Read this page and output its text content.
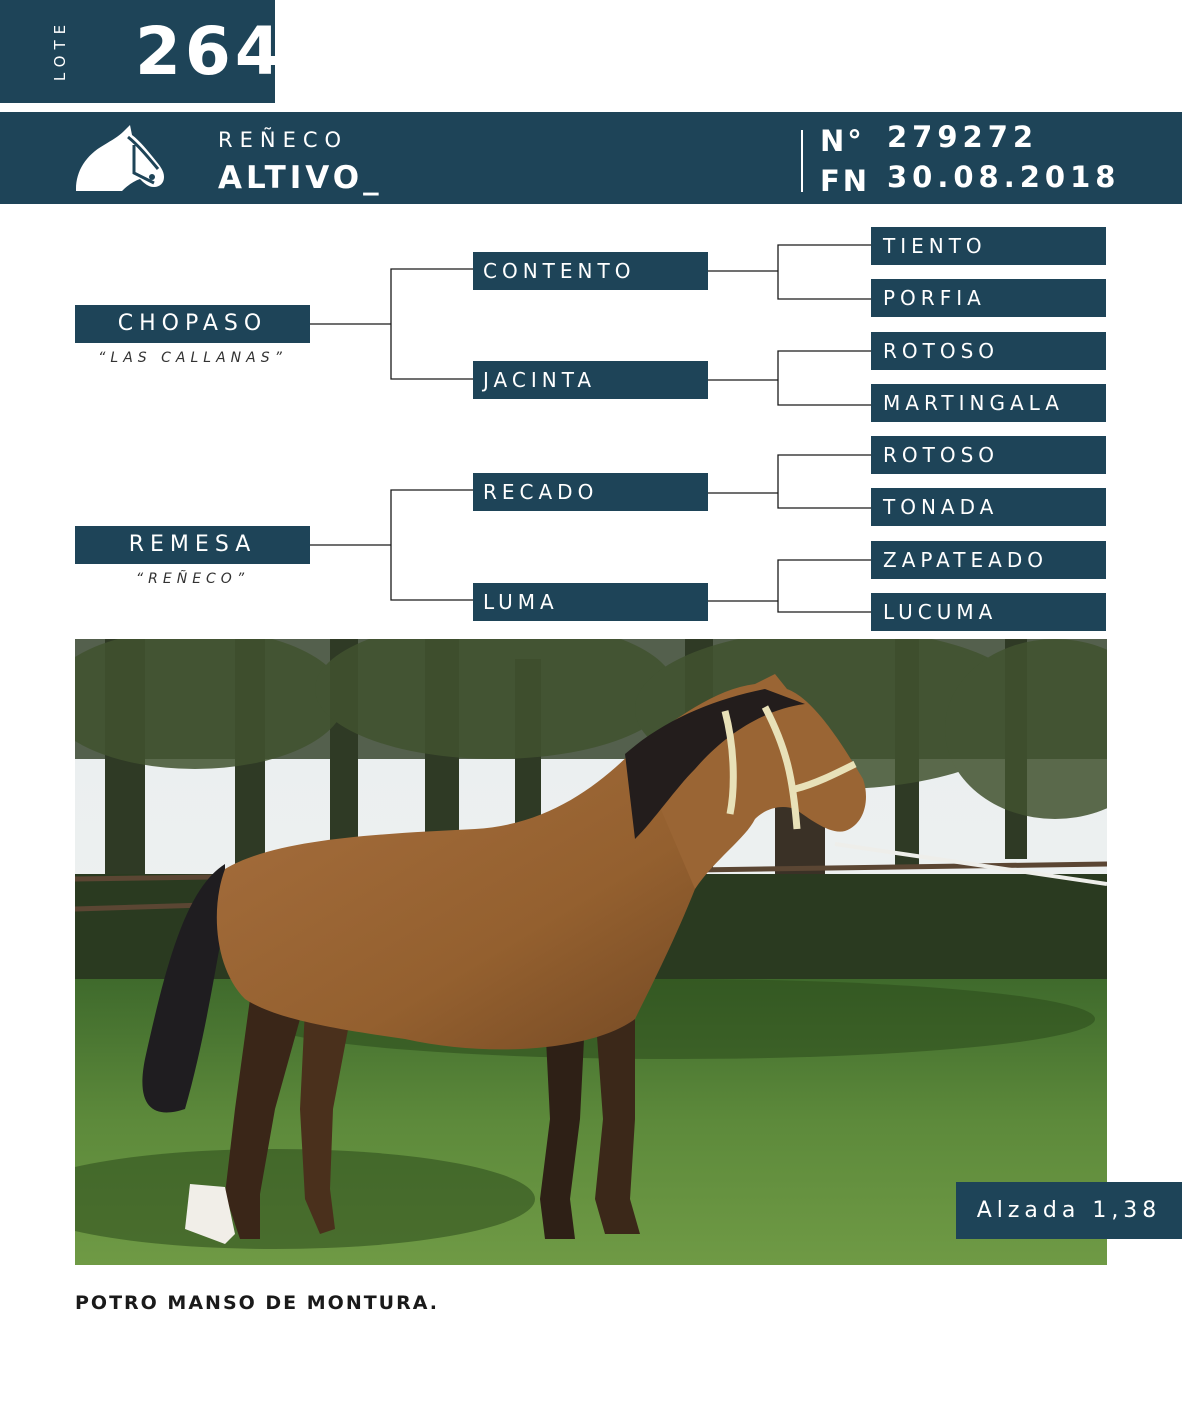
LOTE 264
REÑECO
ALTIVO_
N° 279272
FN 30.08.2018
CHOPASO
“LAS CALLANAS”
REMESA
“REÑECO”
CONTENTO
JACINTA
RECADO
LUMA
TIENTO
PORFIA
ROTOSO
MARTINGALA
ROTOSO
TONADA
ZAPATEADO
LUCUMA
Alzada 1,38
POTRO MANSO DE MONTURA.
